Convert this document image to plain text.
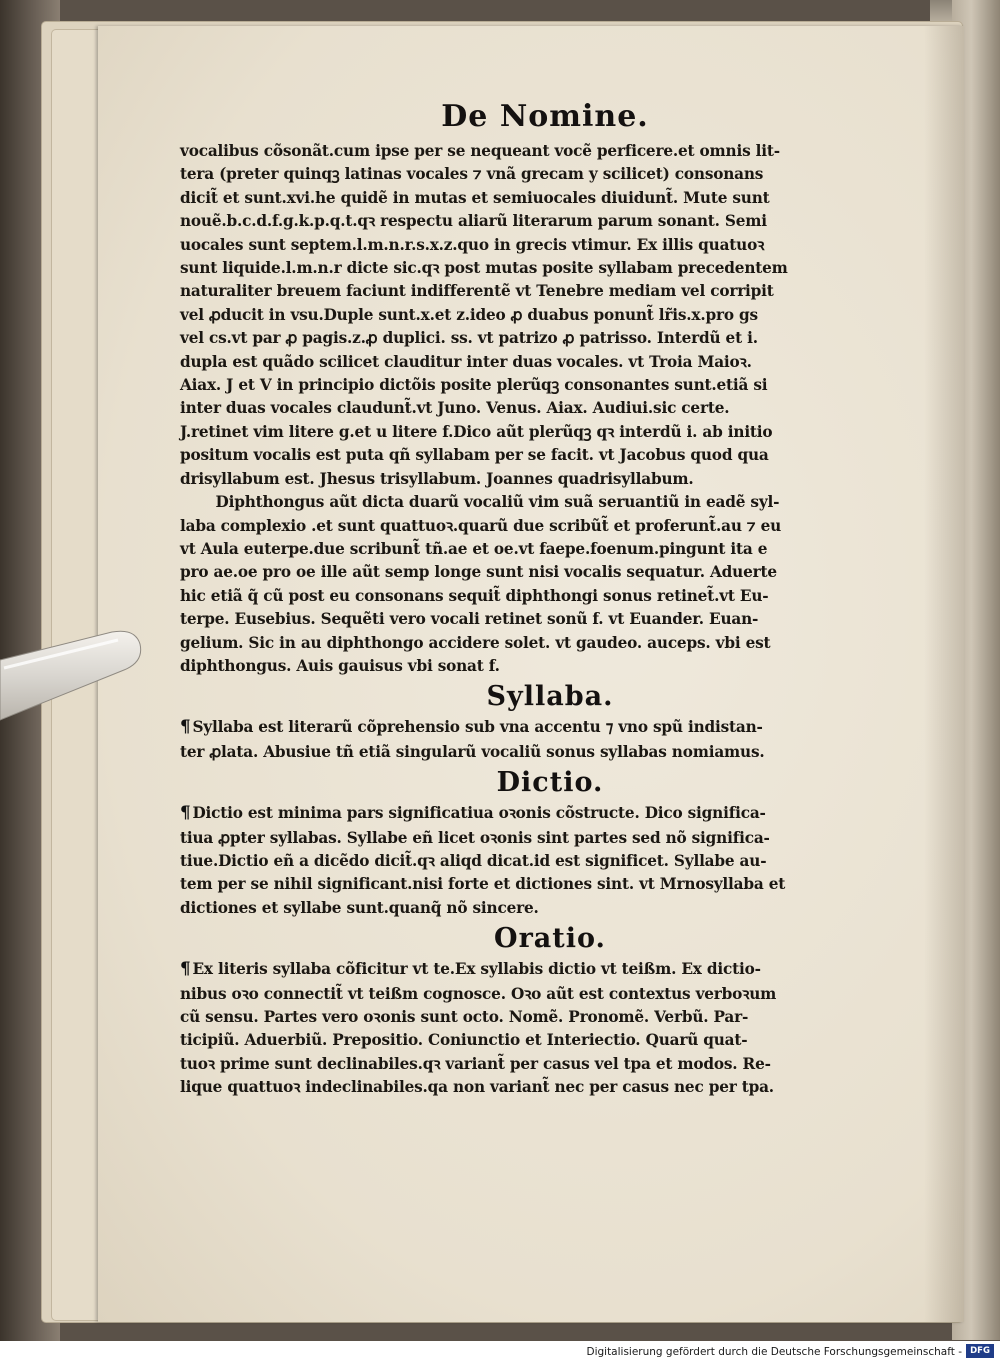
De Nomine.
vocalibus cõsonãt.cum ipse per se nequeant vocẽ perficere.et omnis lit-
tera (preter quinqꝫ latinas vocales ⁊ vnã grecam y scilicet) consonans
dicit̃ et sunt.xvi.he quidẽ in mutas et semiuocales diuidunt̃. Mute sunt
nouẽ.b.c.d.f.g.k.p.q.t.qꝛ respectu aliarũ literarum parum sonant. Semi
uocales sunt septem.l.m.n.r.s.x.z.quo in grecis vtimur. Ex illis quatuoꝛ
sunt liquide.l.m.n.r dicte sic.qꝛ post mutas posite syllabam precedentem
naturaliter breuem faciunt indifferentẽ vt Tenebre mediam vel corripit
vel ꝓducit in vsu.Duple sunt.x.et z.ideo ꝓ duabus ponunt̃ lr̃is.x.pro gs
vel cs.vt par ꝓ pagis.z.ꝓ duplici. ss. vt patrizo ꝓ patrisso. Interdũ et i.
dupla est quãdo scilicet clauditur inter duas vocales. vt Troia Maioꝛ.
Aiax. J et V in principio dictõis posite plerũqꝫ consonantes sunt.etiã si
inter duas vocales claudunt̃.vt Juno. Venus. Aiax. Audiui.sic certe.
J.retinet vim litere g.et u litere f.Dico aũt plerũqꝫ qꝛ interdũ i. ab initio
positum vocalis est puta qñ syllabam per se facit. vt Jacobus quod qua
drisyllabum est. Jhesus trisyllabum. Joannes quadrisyllabum.
Diphthongus aũt dicta duarũ vocaliũ vim suã seruantiũ in eadẽ syl-
laba complexio .et sunt quattuoꝛ.quarũ due scribũt̃ et proferunt̃.au ⁊ eu
vt Aula euterpe.due scribunt̃ tñ.ae et oe.vt faepe.foenum.pingunt ita e
pro ae.oe pro oe ille aũt semp longe sunt nisi vocalis sequatur. Aduerte
hic etiã q̃ cũ post eu consonans sequit̃ diphthongi sonus retinet̃.vt Eu-
terpe. Eusebius. Sequẽti vero vocali retinet sonũ f. vt Euander. Euan-
gelium. Sic in au diphthongo accidere solet. vt gaudeo. auceps. vbi est
diphthongus. Auis gauisus vbi sonat f.
Syllaba.
¶ Syllaba est literarũ cõprehensio sub vna accentu ⁊ vno spũ indistan-
ter ꝓlata. Abusiue tñ etiã singularũ vocaliũ sonus syllabas nomiamus.
Dictio.
¶ Dictio est minima pars significatiua oꝛonis cõstructe. Dico significa-
tiua ꝓpter syllabas. Syllabe eñ licet oꝛonis sint partes sed nõ significa-
tiue.Dictio eñ a dicẽdo dicit̃.qꝛ aliqd dicat.id est significet. Syllabe au-
tem per se nihil significant.nisi forte et dictiones sint. vt Mrnosyllaba et
dictiones et syllabe sunt.quanq̃ nõ sincere.
Oratio.
¶ Ex literis syllaba cõficitur vt te.Ex syllabis dictio vt teißm. Ex dictio-
nibus oꝛo connectit̃ vt teißm cognosce. Oꝛo aũt est contextus verboꝛum
cũ sensu. Partes vero oꝛonis sunt octo. Nomẽ. Pronomẽ. Verbũ. Par-
ticipiũ. Aduerbiũ. Prepositio. Coniunctio et Interiectio. Quarũ quat-
tuoꝛ prime sunt declinabiles.qꝛ variant̃ per casus vel tpa et modos. Re-
lique quattuoꝛ indeclinabiles.qa non variant̃ nec per casus nec per tpa.
Digitalisierung gefördert durch die Deutsche Forschungsgemeinschaft - DFG
